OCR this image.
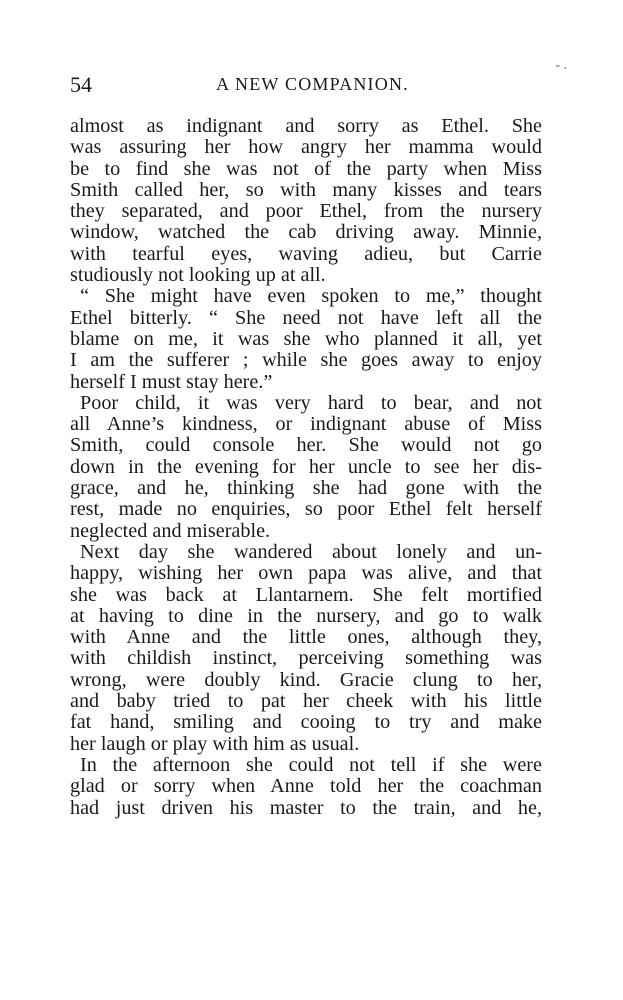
54	A NEW COMPANION.
- .
almost as indignant and sorry as Ethel. She
was assuring her how angry her mamma would
be to find she was not of the party when Miss
Smith called her, so with many kisses and tears
they separated, and poor Ethel, from the nursery
window, watched the cab driving away. Minnie,
with tearful eyes, waving adieu, but Carrie
studiously not looking up at all.
“ She might have even spoken to me,” thought
Ethel bitterly. “ She need not have left all the
blame on me, it was she who planned it all, yet
I am the sufferer ; while she goes away to enjoy
herself I must stay here.”
Poor child, it was very hard to bear, and not
all Anne’s kindness, or indignant abuse of Miss
Smith, could console her. She would not go
down in the evening for her uncle to see her dis-
grace, and he, thinking she had gone with the
rest, made no enquiries, so poor Ethel felt herself
neglected and miserable.
Next day she wandered about lonely and un-
happy, wishing her own papa was alive, and that
she was back at Llantarnem. She felt mortified
at having to dine in the nursery, and go to walk
with Anne and the little ones, although they,
with childish instinct, perceiving something was
wrong, were doubly kind. Gracie clung to her,
and baby tried to pat her cheek with his little
fat hand, smiling and cooing to try and make
her laugh or play with him as usual.
In the afternoon she could not tell if she were
glad or sorry when Anne told her the coachman
had just driven his master to the train, and he,
